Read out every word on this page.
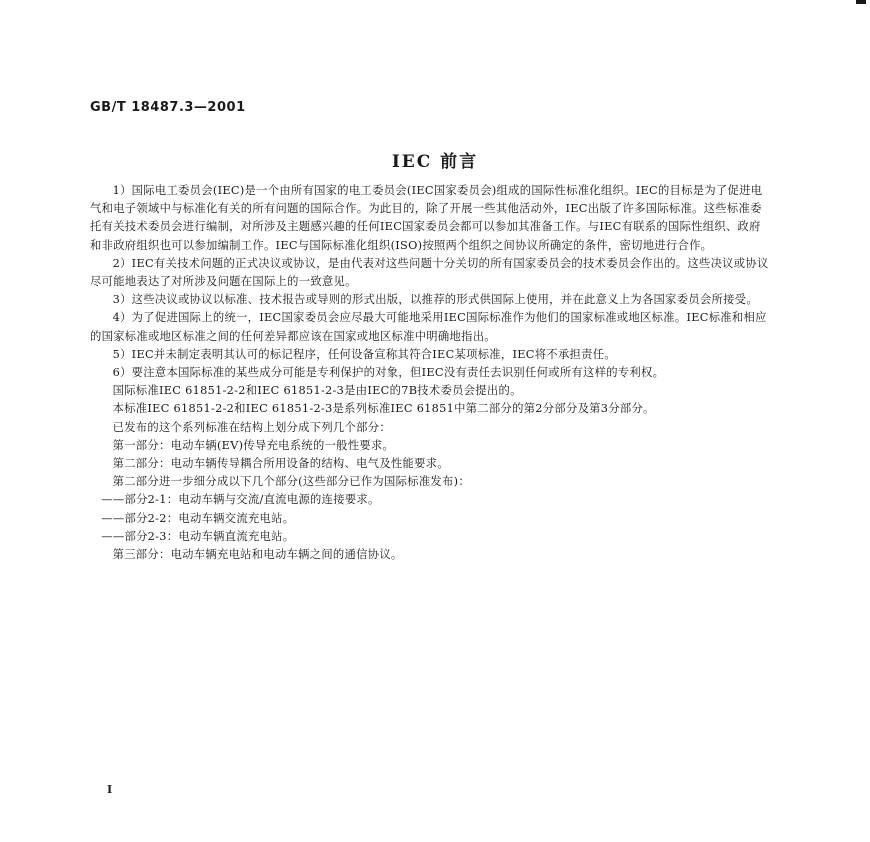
GB/T 18487.3—2001
IEC 前言

1）国际电工委员会(IEC)是一个由所有国家的电工委员会(IEC国家委员会)组成的国际性标准化组织。IEC的目标是为了促进电气和电子领域中与标准化有关的所有问题的国际合作。为此目的，除了开展一些其他活动外，IEC出版了许多国际标准。这些标准委托有关技术委员会进行编制，对所涉及主题感兴趣的任何IEC国家委员会都可以参加其准备工作。与IEC有联系的国际性组织、政府和非政府组织也可以参加编制工作。IEC与国际标准化组织(ISO)按照两个组织之间协议所确定的条件，密切地进行合作。

2）IEC有关技术问题的正式决议或协议，是由代表对这些问题十分关切的所有国家委员会的技术委员会作出的。这些决议或协议尽可能地表达了对所涉及问题在国际上的一致意见。

3）这些决议或协议以标准、技术报告或导则的形式出版，以推荐的形式供国际上使用，并在此意义上为各国家委员会所接受。

4）为了促进国际上的统一，IEC国家委员会应尽最大可能地采用IEC国际标准作为他们的国家标准或地区标准。IEC标准和相应的国家标准或地区标准之间的任何差异都应该在国家或地区标准中明确地指出。

5）IEC并未制定表明其认可的标记程序，任何设备宣称其符合IEC某项标准，IEC将不承担责任。

6）要注意本国际标准的某些成分可能是专利保护的对象，但IEC没有责任去识别任何或所有这样的专利权。

国际标准IEC 61851-2-2和IEC 61851-2-3是由IEC的7B技术委员会提出的。

本标准IEC 61851-2-2和IEC 61851-2-3是系列标准IEC 61851中第二部分的第2分部分及第3分部分。

已发布的这个系列标准在结构上划分成下列几个部分：

第一部分：电动车辆(EV)传导充电系统的一般性要求。

第二部分：电动车辆传导耦合所用设备的结构、电气及性能要求。

第二部分进一步细分成以下几个部分(这些部分已作为国际标准发布)：

——部分2-1：电动车辆与交流/直流电源的连接要求。

——部分2-2：电动车辆交流充电站。

——部分2-3：电动车辆直流充电站。

第三部分：电动车辆充电站和电动车辆之间的通信协议。

I
